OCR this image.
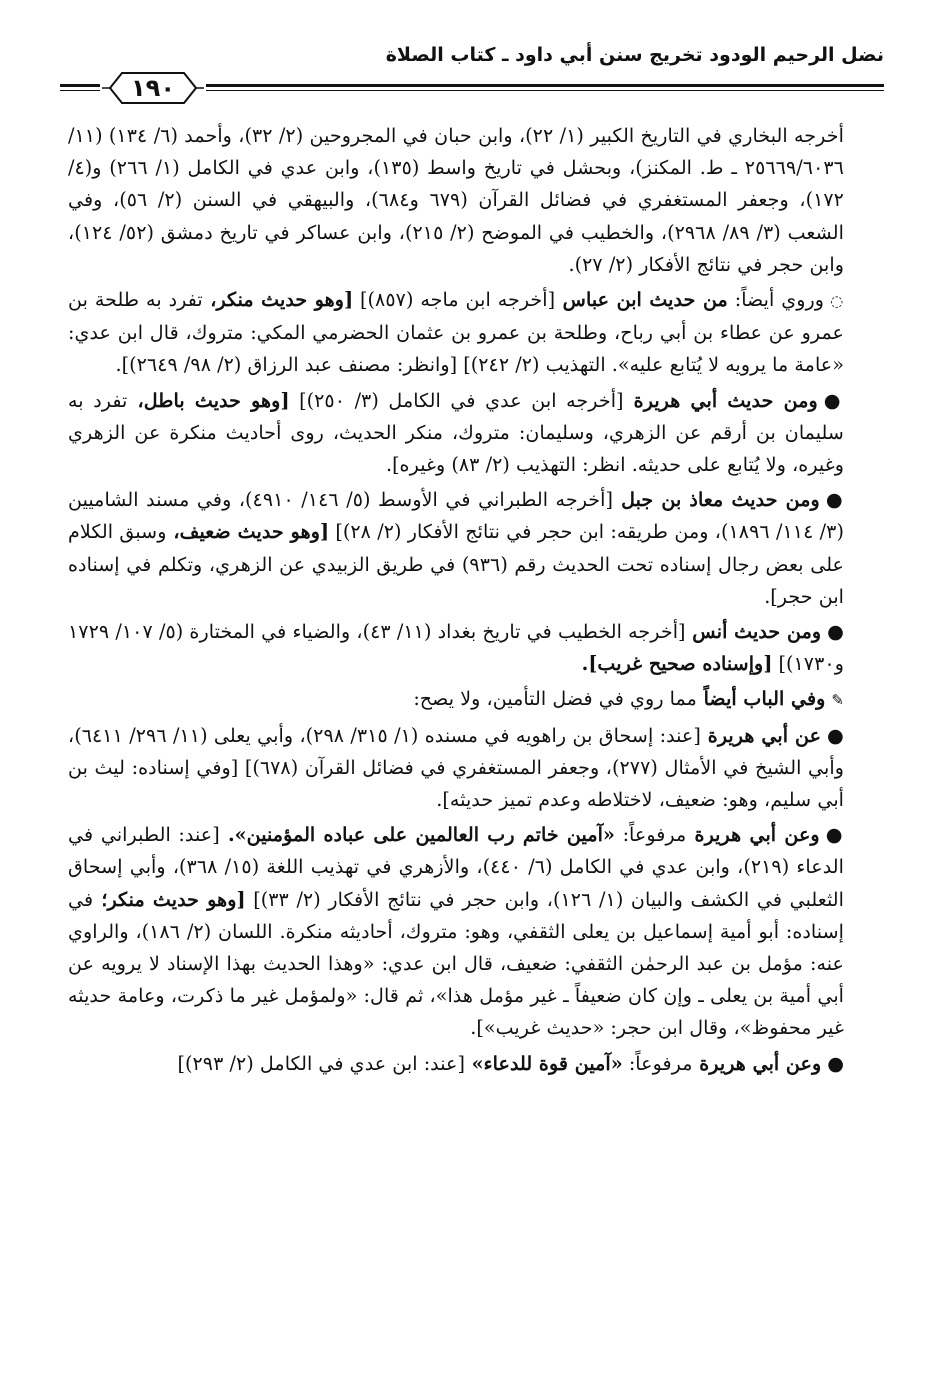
نضل الرحيم الودود تخريج سنن أبي داود ـ كتاب الصلاة
١٩٠

أخرجه البخاري في التاريخ الكبير (١/ ٢٢)، وابن حبان في المجروحين (٢/ ٣٢)، وأحمد (٦/ ١٣٤) (١١/ ٢٥٦٦٩/٦٠٣٦ ـ ط. المكنز)، وبحشل في تاريخ واسط (١٣٥)، وابن عدي في الكامل (١/ ٢٦٦) و(٤/ ١٧٢)، وجعفر المستغفري في فضائل القرآن (٦٧٩ و٦٨٤)، والبيهقي في السنن (٢/ ٥٦)، وفي الشعب (٣/ ٨٩/ ٢٩٦٨)، والخطيب في الموضح (٢/ ٢١٥)، وابن عساكر في تاريخ دمشق (٥٢/ ١٢٤)، وابن حجر في نتائج الأفكار (٢/ ٢٧).

◌وروي أيضاً: من حديث ابن عباس [أخرجه ابن ماجه (٨٥٧)] [وهو حديث منكر، تفرد به طلحة بن عمرو عن عطاء بن أبي رباح، وطلحة بن عمرو بن عثمان الحضرمي المكي: متروك، قال ابن عدي: «عامة ما يرويه لا يُتابع عليه». التهذيب (٢/ ٢٤٢)] [وانظر: مصنف عبد الرزاق (٢/ ٩٨/ ٢٦٤٩)].

●ومن حديث أبي هريرة [أخرجه ابن عدي في الكامل (٣/ ٢٥٠)] [وهو حديث باطل، تفرد به سليمان بن أرقم عن الزهري، وسليمان: متروك، منكر الحديث، روى أحاديث منكرة عن الزهري وغيره، ولا يُتابع على حديثه. انظر: التهذيب (٢/ ٨٣) وغيره].

●ومن حديث معاذ بن جبل [أخرجه الطبراني في الأوسط (٥/ ١٤٦/ ٤٩١٠)، وفي مسند الشاميين (٣/ ١١٤/ ١٨٩٦)، ومن طريقه: ابن حجر في نتائج الأفكار (٢/ ٢٨)] [وهو حديث ضعيف، وسبق الكلام على بعض رجال إسناده تحت الحديث رقم (٩٣٦) في طريق الزبيدي عن الزهري، وتكلم في إسناده ابن حجر].

●ومن حديث أنس [أخرجه الخطيب في تاريخ بغداد (١١/ ٤٣)، والضياء في المختارة (٥/ ١٠٧/ ١٧٢٩ و١٧٣٠)] [وإسناده صحيح غريب].

✎وفي الباب أيضاً مما روي في فضل التأمين، ولا يصح:

●عن أبي هريرة [عند: إسحاق بن راهويه في مسنده (١/ ٣١٥/ ٢٩٨)، وأبي يعلى (١١/ ٢٩٦/ ٦٤١١)، وأبي الشيخ في الأمثال (٢٧٧)، وجعفر المستغفري في فضائل القرآن (٦٧٨)] [وفي إسناده: ليث بن أبي سليم، وهو: ضعيف، لاختلاطه وعدم تميز حديثه].

●وعن أبي هريرة مرفوعاً: «آمين خاتم رب العالمين على عباده المؤمنين». [عند: الطبراني في الدعاء (٢١٩)، وابن عدي في الكامل (٦/ ٤٤٠)، والأزهري في تهذيب اللغة (١٥/ ٣٦٨)، وأبي إسحاق الثعلبي في الكشف والبيان (١/ ١٢٦)، وابن حجر في نتائج الأفكار (٢/ ٣٣)] [وهو حديث منكر؛ في إسناده: أبو أمية إسماعيل بن يعلى الثقفي، وهو: متروك، أحاديثه منكرة. اللسان (٢/ ١٨٦)، والراوي عنه: مؤمل بن عبد الرحمٰن الثقفي: ضعيف، قال ابن عدي: «وهذا الحديث بهذا الإسناد لا يرويه عن أبي أمية بن يعلى ـ وإن كان ضعيفاً ـ غير مؤمل هذا»، ثم قال: «ولمؤمل غير ما ذكرت، وعامة حديثه غير محفوظ»، وقال ابن حجر: «حديث غريب»].

●وعن أبي هريرة مرفوعاً: «آمين قوة للدعاء» [عند: ابن عدي في الكامل (٢/ ٢٩٣)]
